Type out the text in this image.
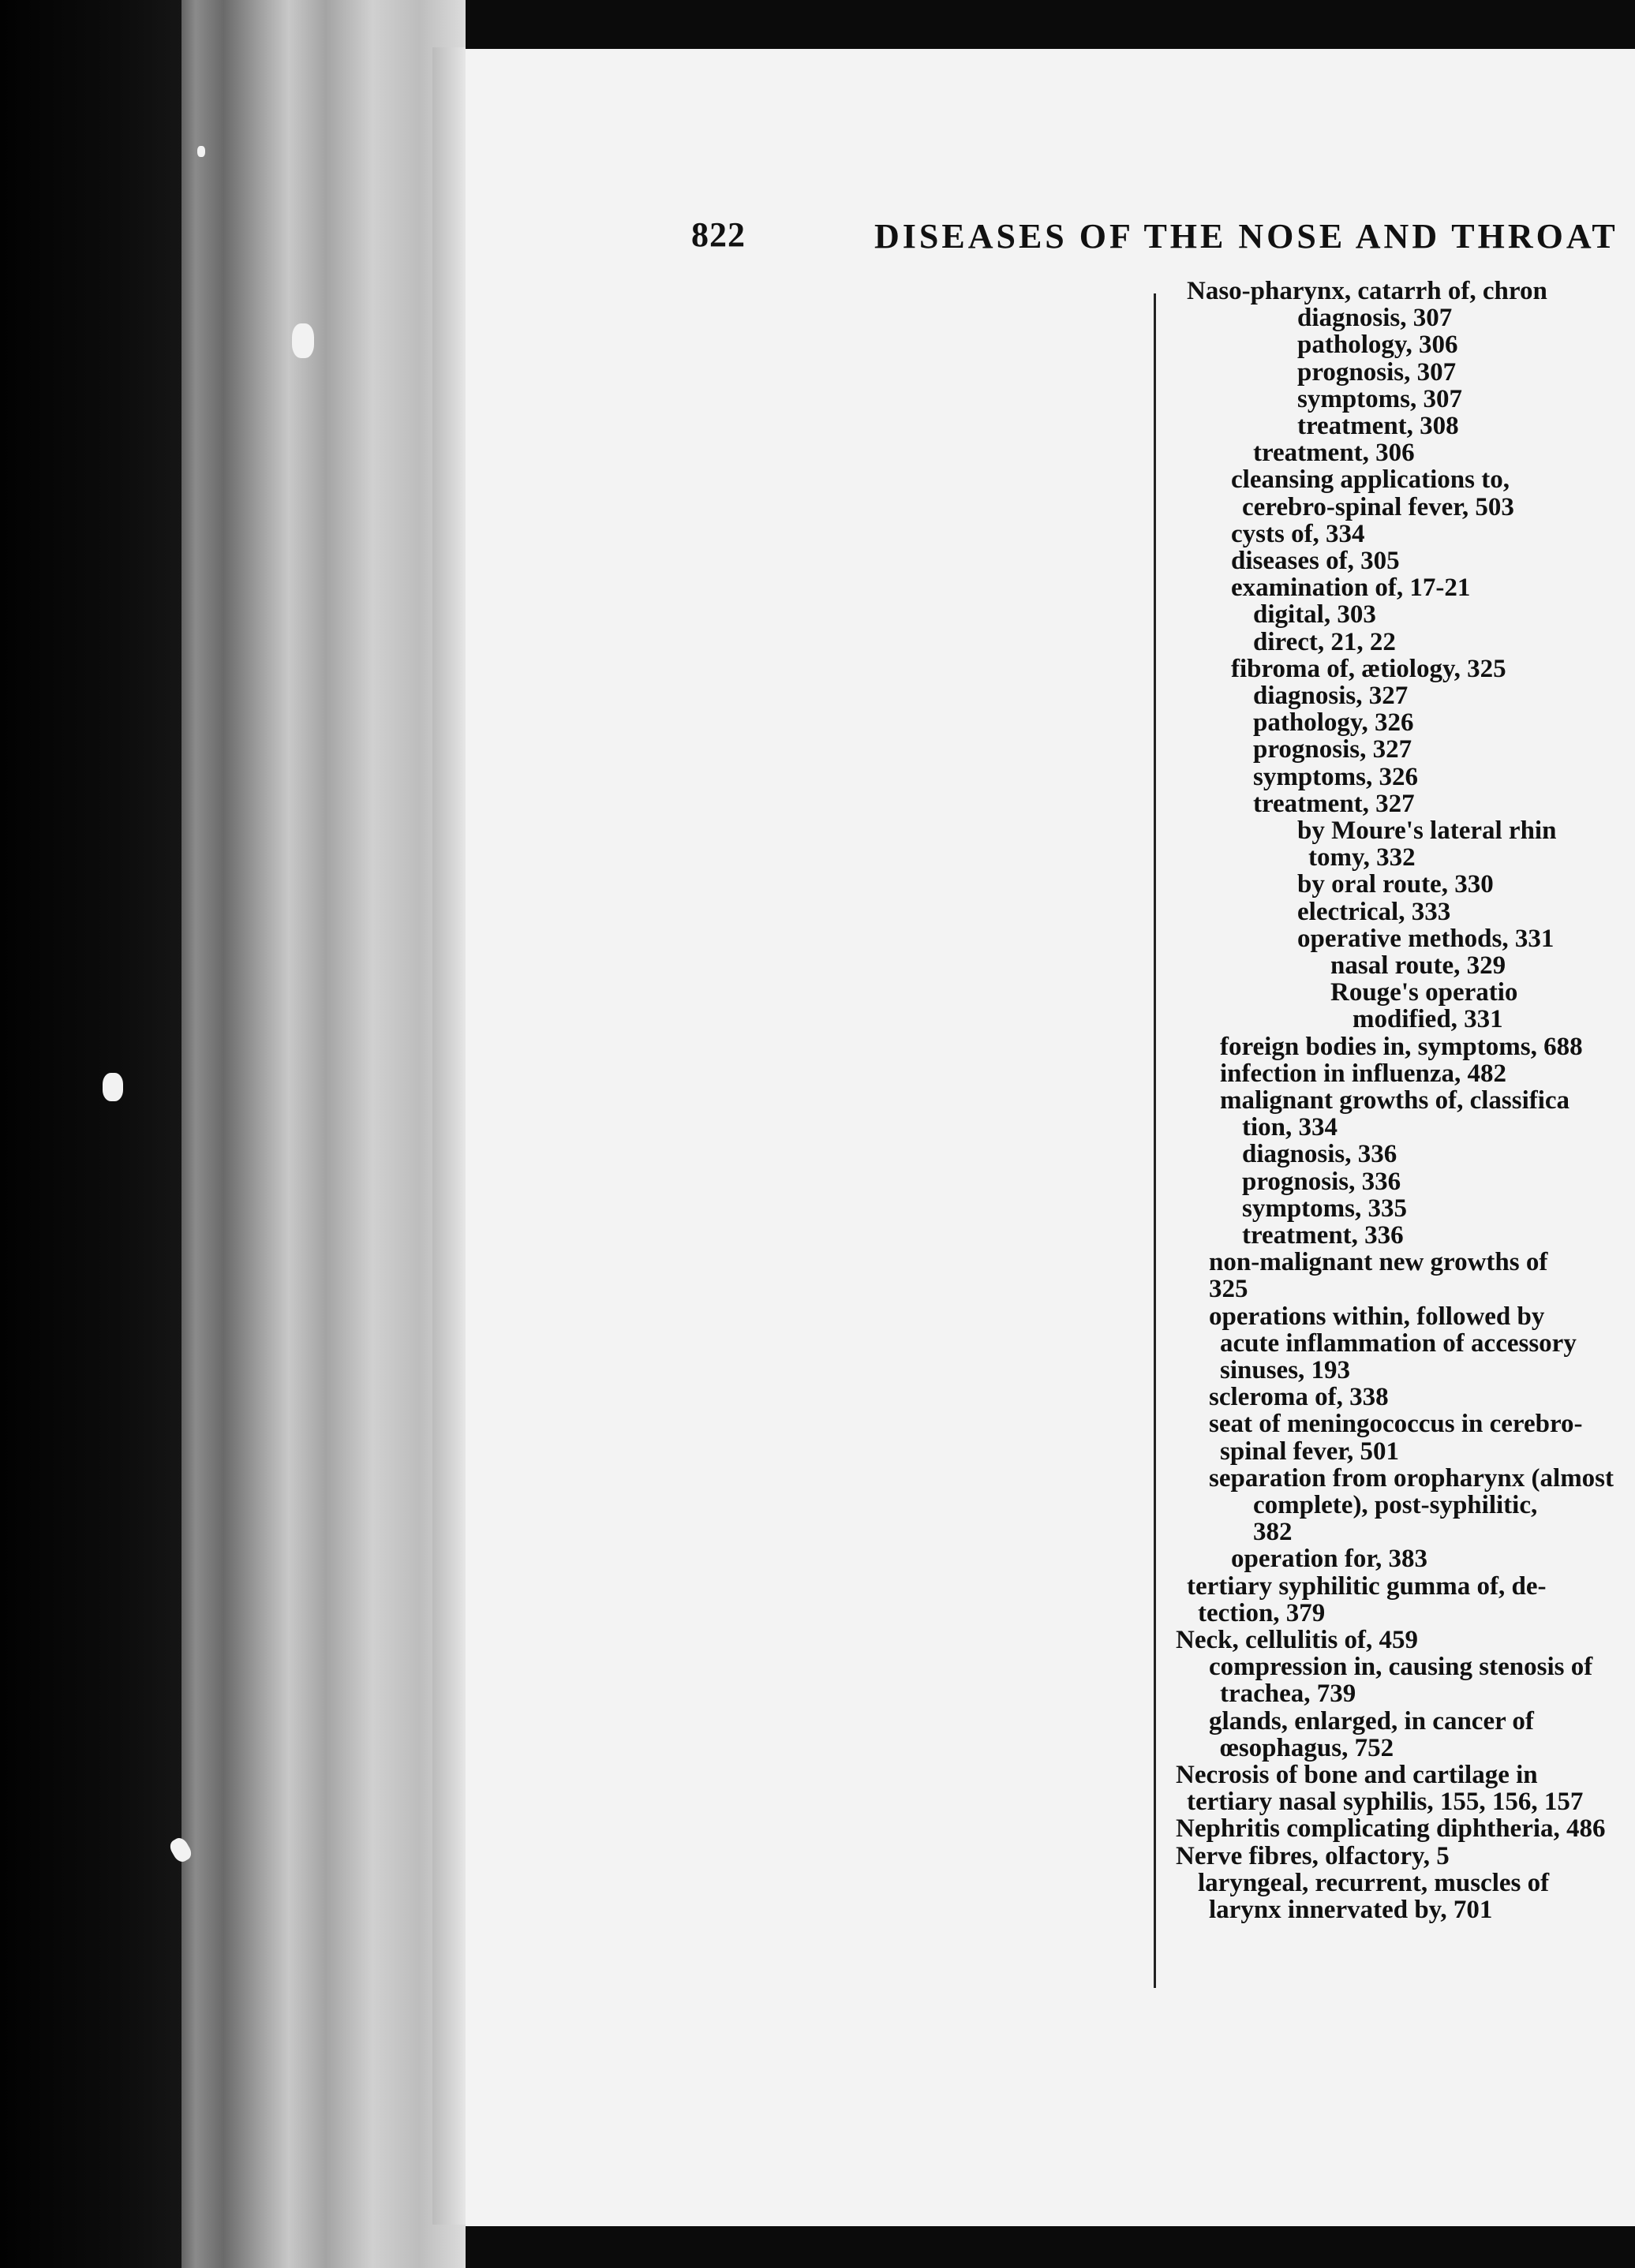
822	DISEASES OF THE NOSE AND THROAT

Naso-pharynx, catarrh of, chron

diagnosis, 307

pathology, 306

prognosis, 307

symptoms, 307

treatment, 308

treatment, 306

cleansing applications to,

cerebro-spinal fever, 503

cysts of, 334

diseases of, 305

examination of, 17-21

digital, 303

direct, 21, 22

fibroma of, ætiology, 325

diagnosis, 327

pathology, 326

prognosis, 327

symptoms, 326

treatment, 327

by Moure's lateral rhin

tomy, 332

by oral route, 330

electrical, 333

operative methods, 331

nasal route, 329

Rouge's operatio

modified, 331

foreign bodies in, symptoms, 688

infection in influenza, 482

malignant growths of, classifica

tion, 334

diagnosis, 336

prognosis, 336

symptoms, 335

treatment, 336

non-malignant new growths of

325

operations within, followed by

acute inflammation of accessory

sinuses, 193

scleroma of, 338

seat of meningococcus in cerebro-

spinal fever, 501

separation from oropharynx (almost

complete), post-syphilitic,

382

operation for, 383

tertiary syphilitic gumma of, de-

tection, 379

Neck, cellulitis of, 459

compression in, causing stenosis of

trachea, 739

glands, enlarged, in cancer of

œsophagus, 752

Necrosis of bone and cartilage in

tertiary nasal syphilis, 155, 156, 157

Nephritis complicating diphtheria, 486

Nerve fibres, olfactory, 5

laryngeal, recurrent, muscles of

larynx innervated by, 701
